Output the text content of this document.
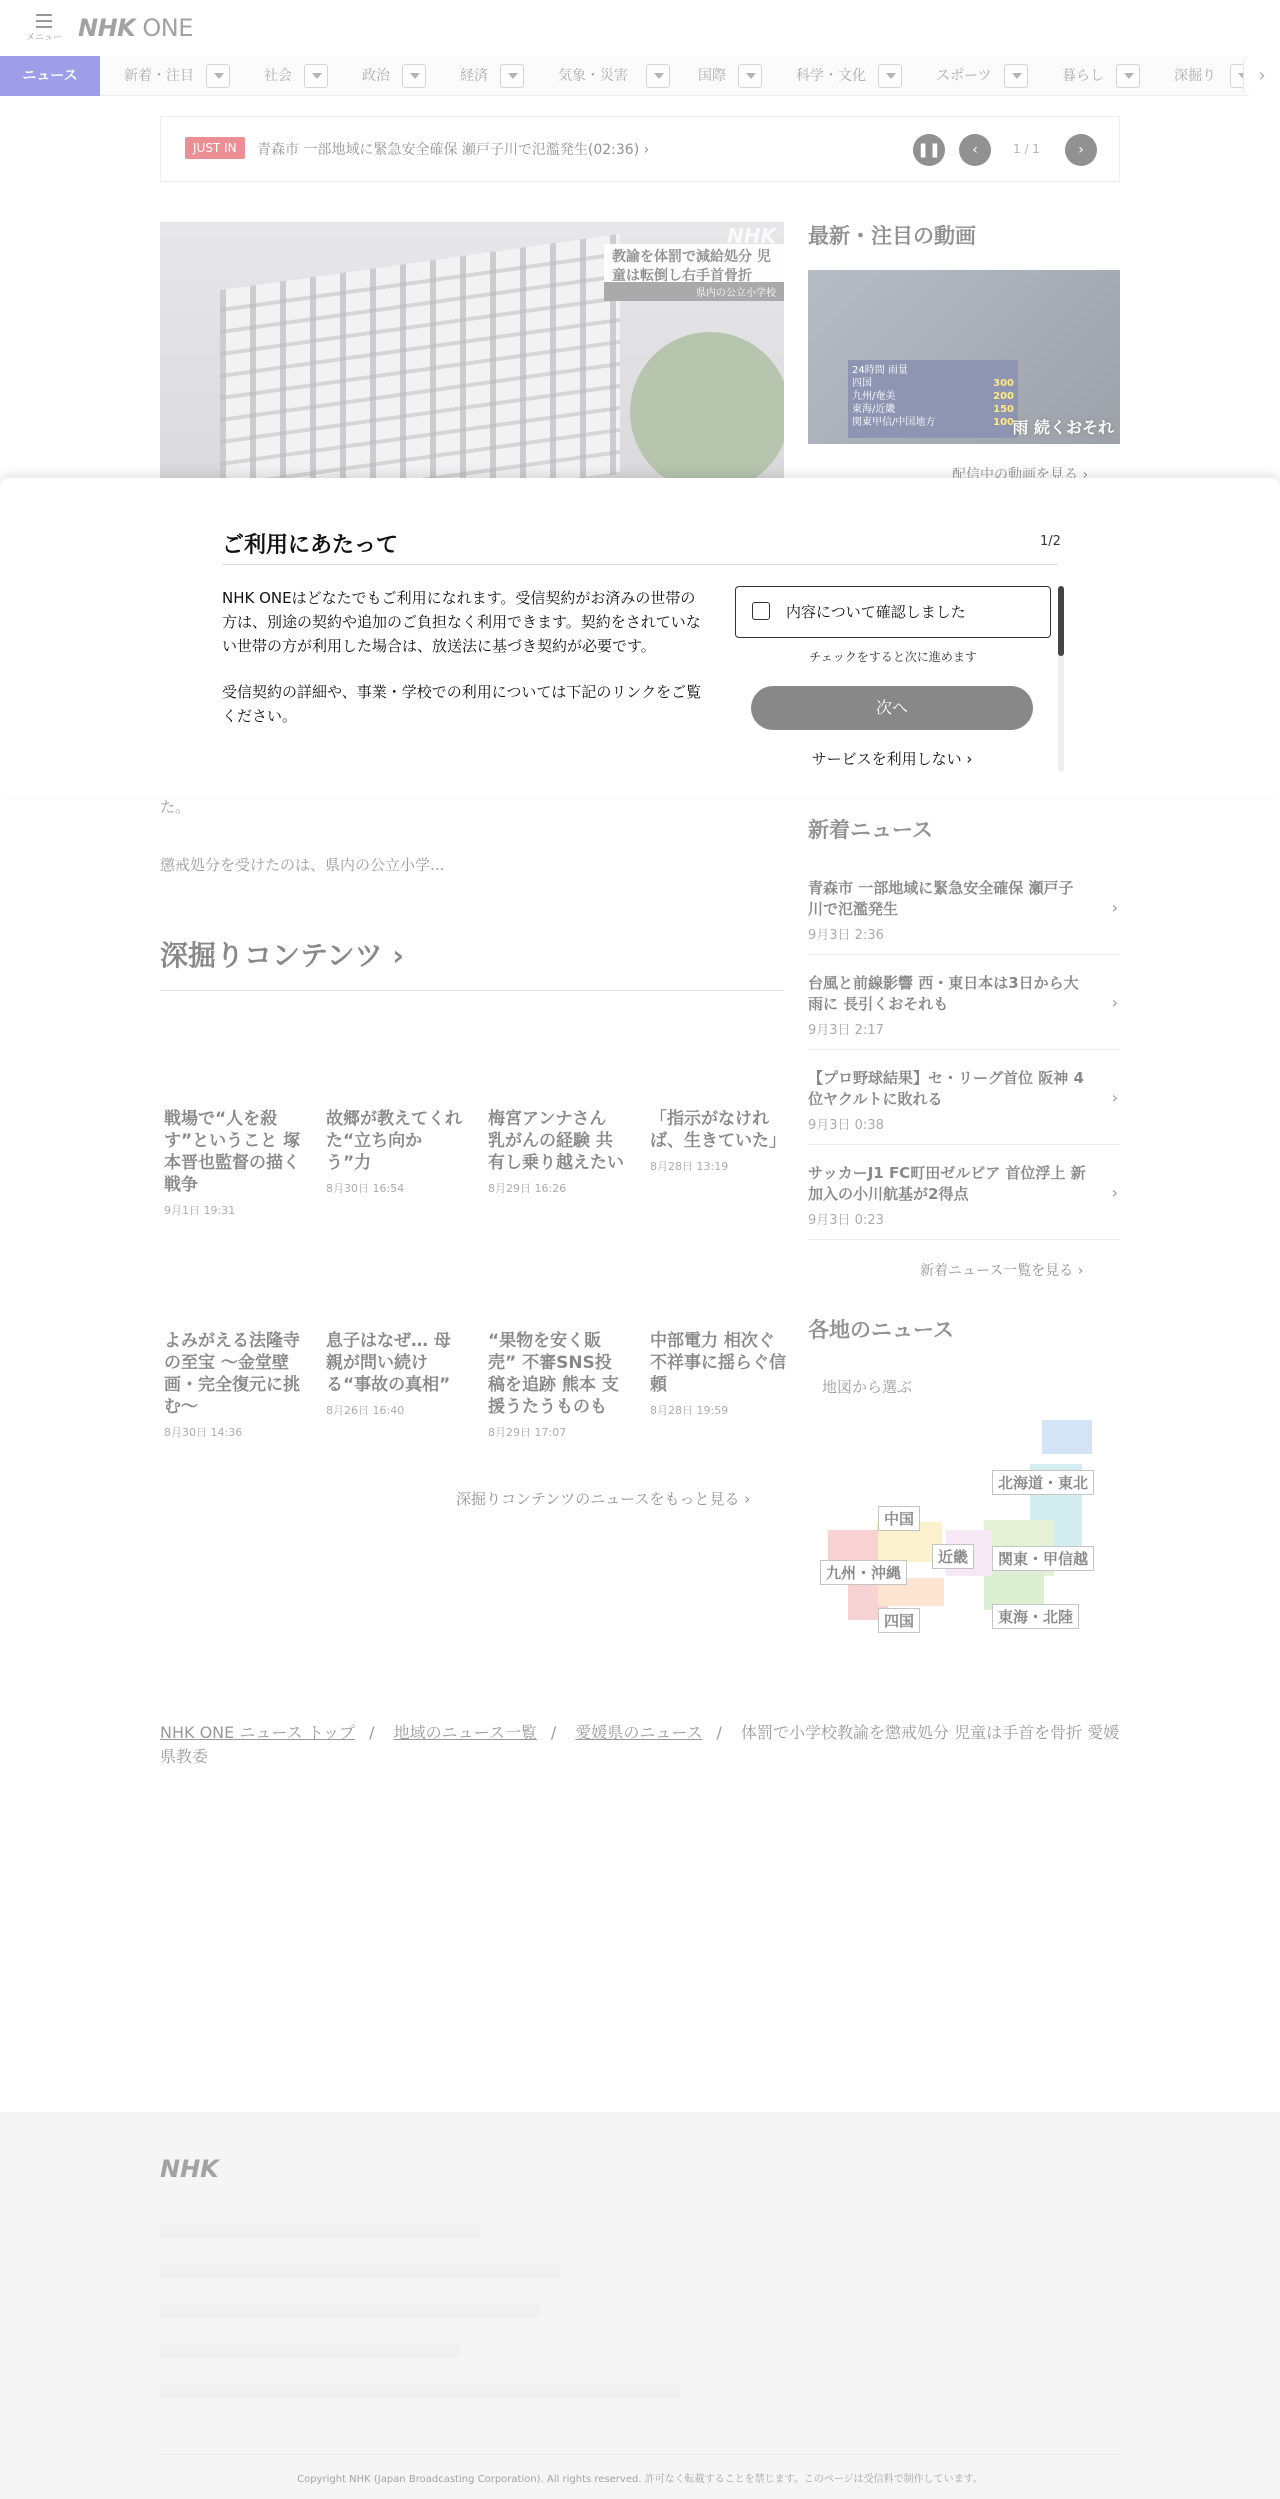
ご利用にあたって	1/2

NHK ONEはどなたでもご利用になれます。受信契約がお済みの世帯の方は、別途の契約や追加のご負担なく利用できます。契約をされていない世帯の方が利用した場合は、放送法に基づき契約が必要です。

受信契約の詳細や、事業・学校での利用については下記のリンクをご覧ください。

内容について確認しました
チェックをすると次に進めます
次へ
サービスを利用しない ›
